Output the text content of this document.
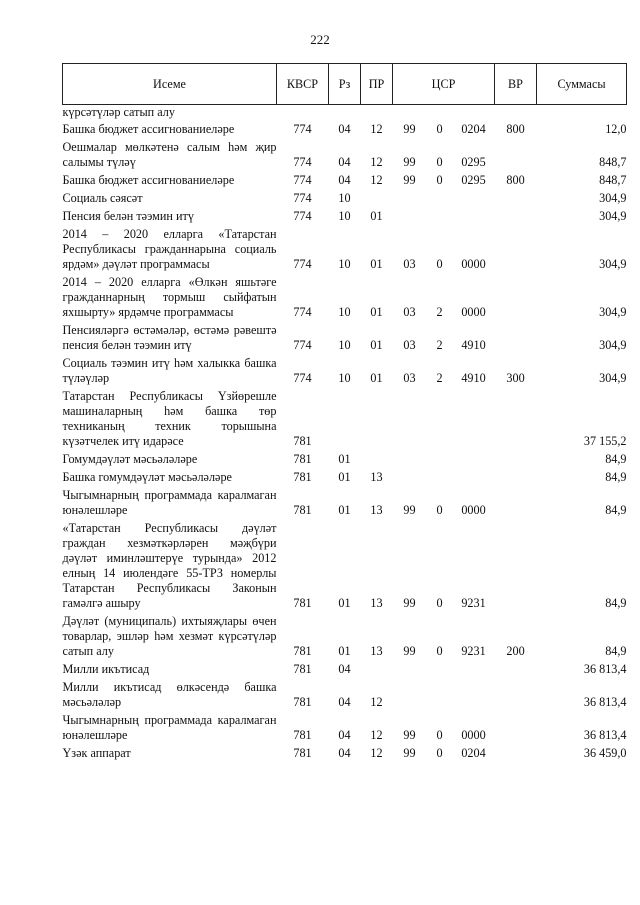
222
Исеме	КВСР	Рз	ПР	ЦСР			ВР	Суммасы
күрсәтүләр сатып алу								
Башка бюджет ассигнованиеләре	774	04	12	99	0	0204	800	12,0
Оешмалар мөлкәтенә салым һәм җир салымы түләү	774	04	12	99	0	0295		848,7
Башка бюджет ассигнованиеләре	774	04	12	99	0	0295	800	848,7
Социаль сәясәт	774	10						304,9
Пенсия белән тәэмин итү	774	10	01					304,9
2014 – 2020 елларга «Татарстан Республикасы гражданнарына социаль ярдәм» дәүләт программасы	774	10	01	03	0	0000		304,9
2014 – 2020 елларга «Өлкән яшьтәге гражданнарның тормыш сыйфатын яхшырту» ярдәмче программасы	774	10	01	03	2	0000		304,9
Пенсияләргә өстәмәләр, өстәмә рәвештә пенсия белән тәэмин итү	774	10	01	03	2	4910		304,9
Социаль тәэмин итү һәм халыкка башка түләүләр	774	10	01	03	2	4910	300	304,9
Татарстан Республикасы Үзйөрешле машиналарның һәм башка төр техниканың техник торышына күзәтчелек итү идарәсе	781							37 155,2
Гомумдәүләт мәсьәләләре	781	01						84,9
Башка гомумдәүләт мәсьәләләре	781	01	13					84,9
Чыгымнарның программада каралмаган юнәлешләре	781	01	13	99	0	0000		84,9
«Татарстан Республикасы дәүләт граждан хезмәткәрләрен мәҗбүри дәүләт иминләштерүе турында» 2012 елның 14 июлендәге 55-ТРЗ номерлы Татарстан Республикасы Законын гамәлгә ашыру	781	01	13	99	0	9231		84,9
Дәүләт (муниципаль) ихтыяҗлары өчен товарлар, эшләр һәм хезмәт күрсәтүләр сатып алу	781	01	13	99	0	9231	200	84,9
Милли икътисад	781	04						36 813,4
Милли икътисад өлкәсендә башка мәсьәләләр	781	04	12					36 813,4
Чыгымнарның программада каралмаган юнәлешләре	781	04	12	99	0	0000		36 813,4
Үзәк аппарат	781	04	12	99	0	0204		36 459,0
